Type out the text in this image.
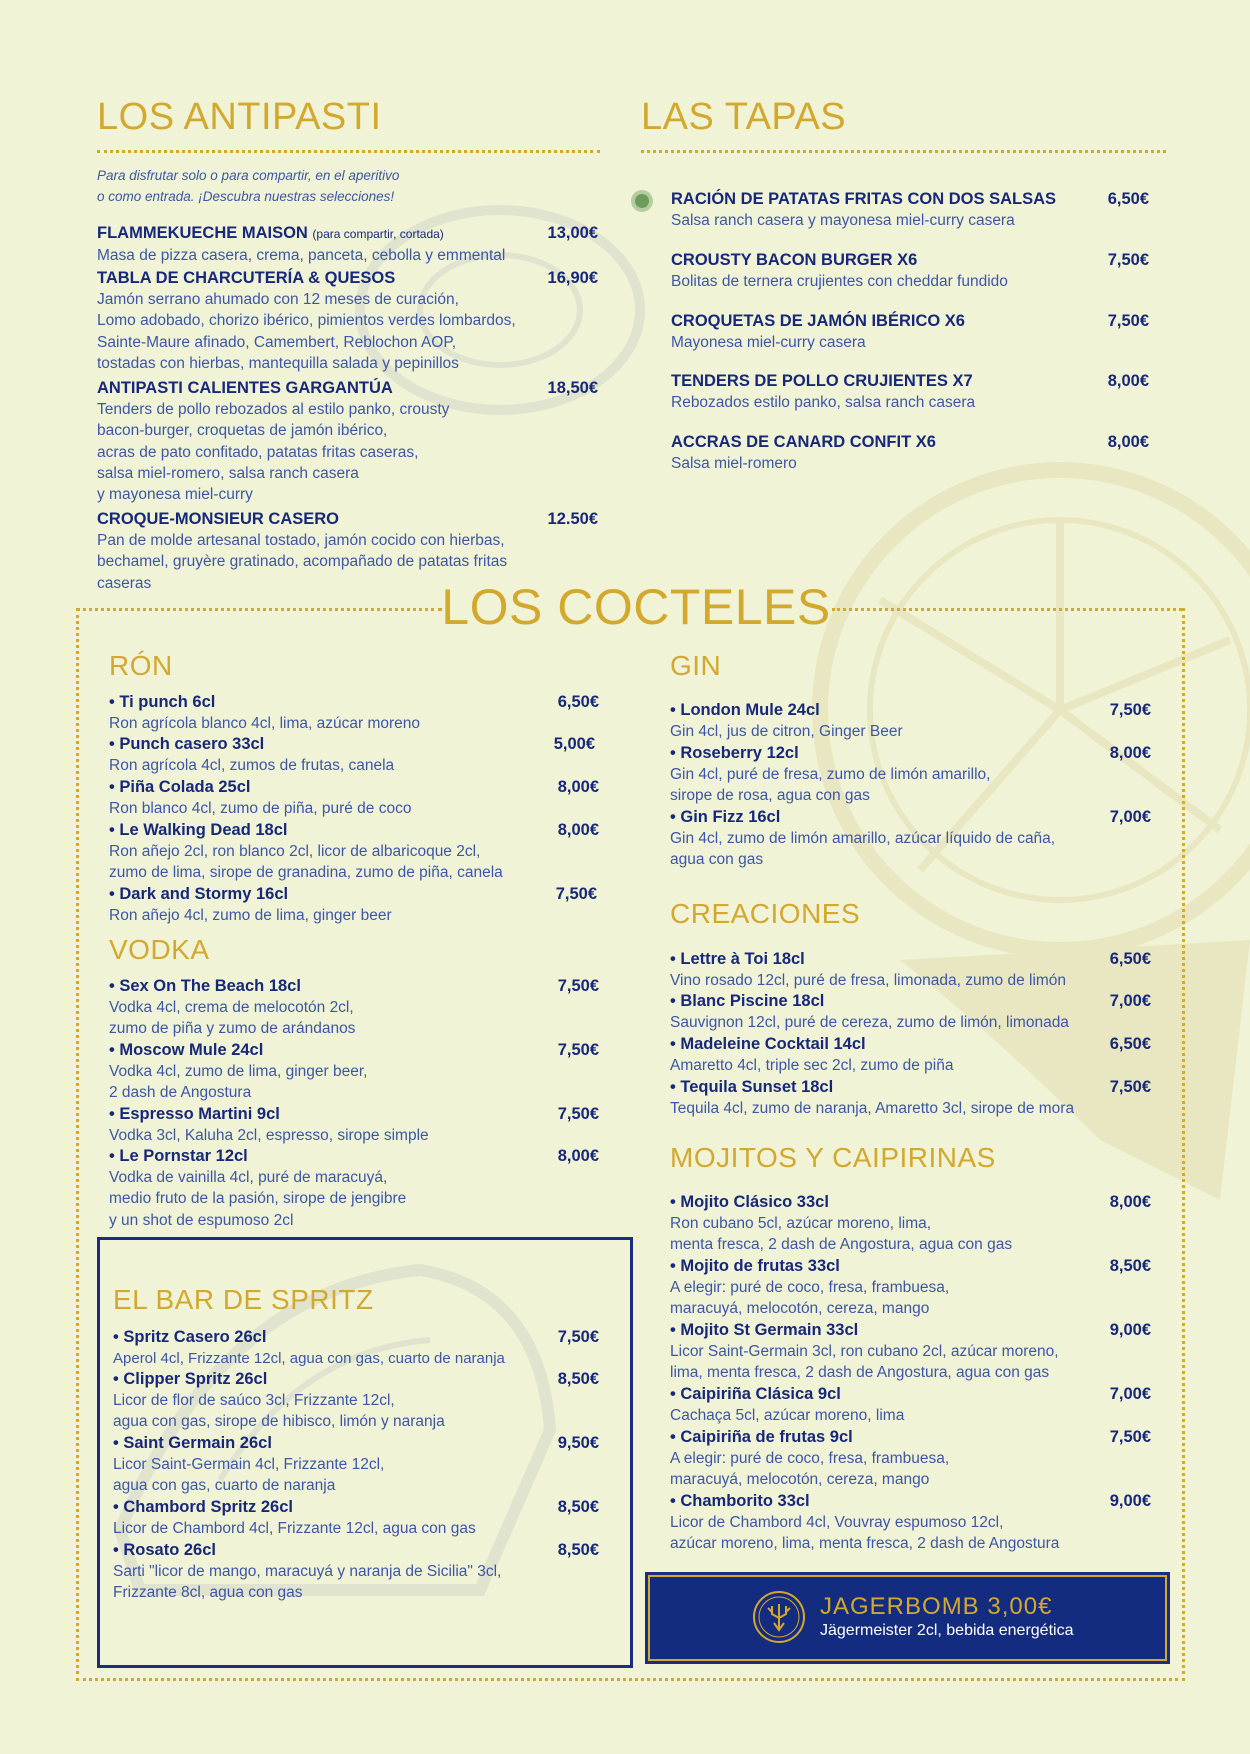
LOS ANTIPASTI
Para disfrutar solo o para compartir, en el aperitivo
o como entrada. ¡Descubra nuestras selecciones!
FLAMMEKUECHE MAISON (para compartir, cortada)	13,00€
Masa de pizza casera, crema, panceta, cebolla y emmental
TABLA DE CHARCUTERÍA & QUESOS	16,90€
Jamón serrano ahumado con 12 meses de curación,
Lomo adobado, chorizo ibérico, pimientos verdes lombardos,
Sainte-Maure afinado, Camembert, Reblochon AOP,
tostadas con hierbas, mantequilla salada y pepinillos
ANTIPASTI CALIENTES GARGANTÚA	18,50€
Tenders de pollo rebozados al estilo panko, crousty
bacon-burger, croquetas de jamón ibérico,
acras de pato confitado, patatas fritas caseras,
salsa miel-romero, salsa ranch casera
y mayonesa miel-curry
CROQUE-MONSIEUR CASERO	12.50€
Pan de molde artesanal tostado, jamón cocido con hierbas,
bechamel, gruyère gratinado, acompañado de patatas fritas
caseras
LAS TAPAS
RACIÓN DE PATATAS FRITAS CON DOS SALSAS	6,50€
Salsa ranch casera y mayonesa miel-curry casera
CROUSTY BACON BURGER X6	7,50€
Bolitas de ternera crujientes con cheddar fundido
CROQUETAS DE JAMÓN IBÉRICO X6	7,50€
Mayonesa miel-curry casera
TENDERS DE POLLO CRUJIENTES X7	8,00€
Rebozados estilo panko, salsa ranch casera
ACCRAS DE CANARD CONFIT X6	8,00€
Salsa miel-romero
LOS COCTELES
RÓN
• Ti punch 6cl	6,50€
Ron agrícola blanco 4cl, lima, azúcar moreno
• Punch casero 33cl	5,00€
Ron agrícola 4cl, zumos de frutas, canela
• Piña Colada 25cl	8,00€
Ron blanco 4cl, zumo de piña, puré de coco
• Le Walking Dead 18cl	8,00€
Ron añejo 2cl, ron blanco 2cl, licor de albaricoque 2cl,
zumo de lima, sirope de granadina, zumo de piña, canela
• Dark and Stormy 16cl	7,50€
Ron añejo 4cl, zumo de lima, ginger beer
VODKA
• Sex On The Beach 18cl	7,50€
Vodka 4cl, crema de melocotón 2cl,
zumo de piña y zumo de arándanos
• Moscow Mule 24cl	7,50€
Vodka 4cl, zumo de lima, ginger beer,
2 dash de Angostura
• Espresso Martini 9cl	7,50€
Vodka 3cl, Kaluha 2cl, espresso, sirope simple
• Le Pornstar 12cl	8,00€
Vodka de vainilla 4cl, puré de maracuyá,
medio fruto de la pasión, sirope de jengibre
y un shot de espumoso 2cl
EL BAR DE SPRITZ
• Spritz Casero 26cl	7,50€
Aperol 4cl, Frizzante 12cl, agua con gas, cuarto de naranja
• Clipper Spritz 26cl	8,50€
Licor de flor de saúco 3cl, Frizzante 12cl,
agua con gas, sirope de hibisco, limón y naranja
• Saint Germain 26cl	9,50€
Licor Saint-Germain 4cl, Frizzante 12cl,
agua con gas, cuarto de naranja
• Chambord Spritz 26cl	8,50€
Licor de Chambord 4cl, Frizzante 12cl, agua con gas
• Rosato 26cl	8,50€
Sarti "licor de mango, maracuyá y naranja de Sicilia" 3cl,
Frizzante 8cl, agua con gas
GIN
• London Mule 24cl	7,50€
Gin 4cl, jus de citron, Ginger Beer
• Roseberry 12cl	8,00€
Gin 4cl, puré de fresa, zumo de limón amarillo,
sirope de rosa, agua con gas
• Gin Fizz 16cl	7,00€
Gin 4cl, zumo de limón amarillo, azúcar líquido de caña,
agua con gas
CREACIONES
• Lettre à Toi 18cl	6,50€
Vino rosado 12cl, puré de fresa, limonada, zumo de limón
• Blanc Piscine 18cl	7,00€
Sauvignon 12cl, puré de cereza, zumo de limón, limonada
• Madeleine Cocktail 14cl	6,50€
Amaretto 4cl, triple sec 2cl, zumo de piña
• Tequila Sunset 18cl	7,50€
Tequila 4cl, zumo de naranja, Amaretto 3cl, sirope de mora
MOJITOS Y CAIPIRINAS
• Mojito Clásico 33cl	8,00€
Ron cubano 5cl, azúcar moreno, lima,
menta fresca, 2 dash de Angostura, agua con gas
• Mojito de frutas 33cl	8,50€
A elegir: puré de coco, fresa, frambuesa,
maracuyá, melocotón, cereza, mango
• Mojito St Germain 33cl	9,00€
Licor Saint-Germain 3cl, ron cubano 2cl, azúcar moreno,
lima, menta fresca, 2 dash de Angostura, agua con gas
• Caipiriña Clásica 9cl	7,00€
Cachaça 5cl, azúcar moreno, lima
• Caipiriña de frutas 9cl	7,50€
A elegir: puré de coco, fresa, frambuesa,
maracuyá, melocotón, cereza, mango
• Chamborito 33cl	9,00€
Licor de Chambord 4cl, Vouvray espumoso 12cl,
azúcar moreno, lima, menta fresca, 2 dash de Angostura
JAGERBOMB 3,00€
Jägermeister 2cl, bebida energética
